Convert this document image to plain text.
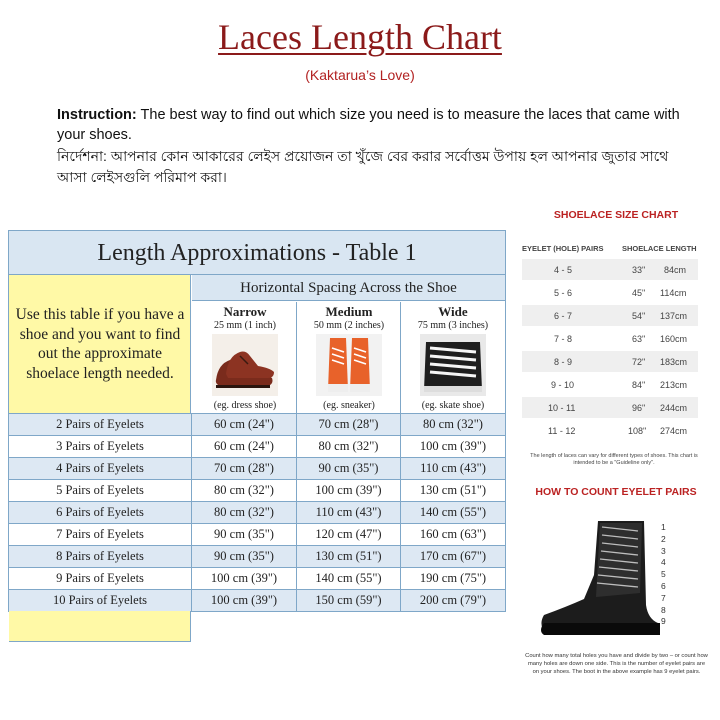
Laces Length Chart
(Kaktarua’s Love)
Instruction: The best way to find out which size you need is to measure the laces that came with your shoes.
নির্দেশনা: আপনার কোন আকারের লেইস প্রয়োজন তা খুঁজে বের করার সর্বোত্তম উপায় হল আপনার জুতার সাথে আসা লেইসগুলি পরিমাপ করা।
Length Approximations - Table 1
Use this table if you have a shoe and you want to find out the approximate shoelace length needed.
Horizontal Spacing Across the Shoe
Narrow
25 mm (1 inch)
(eg. dress shoe)
Medium
50 mm (2 inches)
(eg. sneaker)
Wide
75 mm (3 inches)
(eg. skate shoe)
2 Pairs of Eyelets	60 cm (24")	70 cm (28")	80 cm (32")
3 Pairs of Eyelets	60 cm (24")	80 cm (32")	100 cm (39")
4 Pairs of Eyelets	70 cm (28")	90 cm (35")	110 cm (43")
5 Pairs of Eyelets	80 cm (32")	100 cm (39")	130 cm (51")
6 Pairs of Eyelets	80 cm (32")	110 cm (43")	140 cm (55")
7 Pairs of Eyelets	90 cm (35")	120 cm (47")	160 cm (63")
8 Pairs of Eyelets	90 cm (35")	130 cm (51")	170 cm (67")
9 Pairs of Eyelets	100 cm (39")	140 cm (55")	190 cm (75")
10 Pairs of Eyelets	100 cm (39")	150 cm (59")	200 cm (79")
SHOELACE SIZE CHART
EYELET (HOLE) PAIRS SHOELACE LENGTH
4 - 5	33" 84cm
5 - 6	45" 114cm
6 - 7	54" 137cm
7 - 8	63" 160cm
8 - 9	72" 183cm
9 - 10	84" 213cm
10 - 11	96" 244cm
11 - 12	108" 274cm
The length of laces can vary for different types of shoes. This chart is intended to be a "Guideline only".
HOW TO COUNT EYELET PAIRS
1
2
3
4
5
6
7
8
9
Count how many total holes you have and divide by two – or count how many holes are down one side. This is the number of eyelet pairs are on your shoes. The boot in the above example has 9 eyelet pairs.
